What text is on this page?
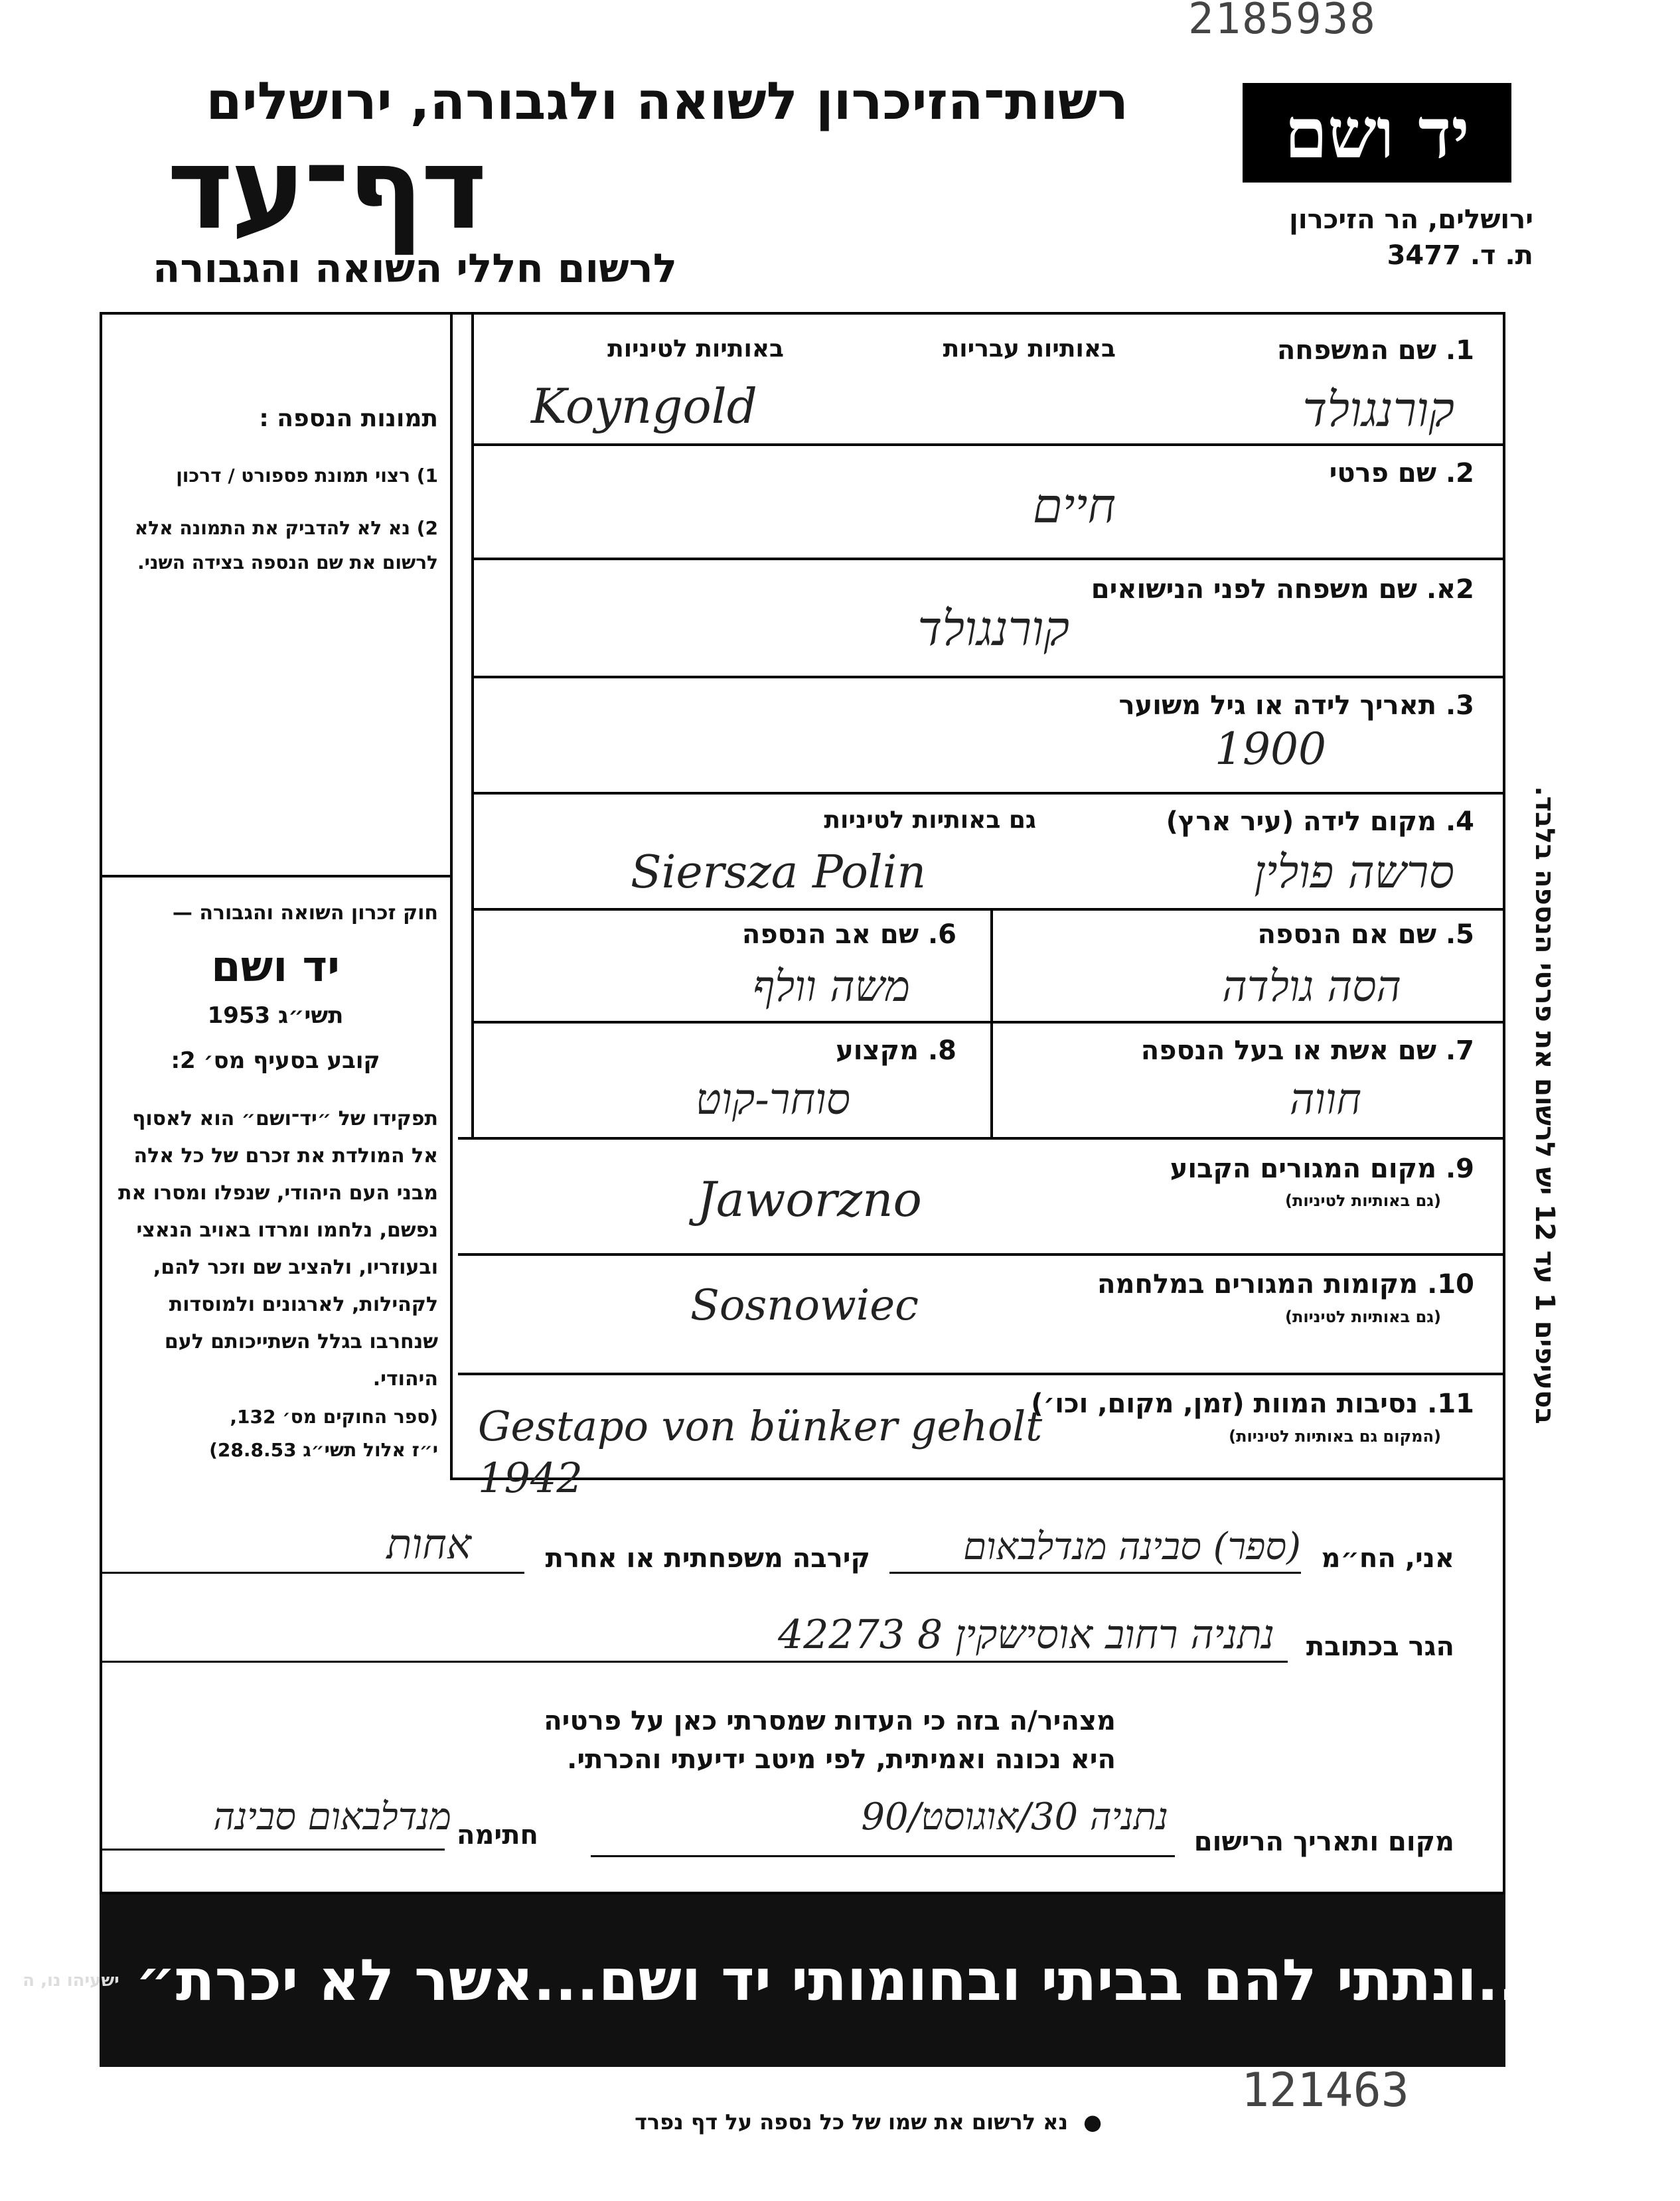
2185938
רשות־הזיכרון לשואה ולגבורה, ירושלים
דף־עד
לרשום חללי השואה והגבורה
יד ושם
ירושלים, הר הזיכרון
ת. ד. 3477
תמונות הנספה :
1) רצוי תמונת פספורט / דרכון
2) נא לא להדביק את התמונה אלא לרשום את שם הנספה בצידה השני.
חוק זכרון השואה והגבורה —
יד ושם
תשי״ג 1953
קובע בסעיף מס׳ 2:
תפקידו של ״יד־ושם״ הוא לאסוף אל המולדת את זכרם של כל אלה מבני העם היהודי, שנפלו ומסרו את נפשם, נלחמו ומרדו באויב הנאצי ובעוזריו, ולהציב שם וזכר להם, לקהילות, לארגונים ולמוסדות שנחרבו בגלל השתייכותם לעם היהודי.
(ספר החוקים מס׳ 132,
י״ז אלול תשי״ג 28.8.53)
1. שם המשפחה
באותיות עבריות
באותיות לטיניות
Koyngold	קורנגולד
2. שם פרטי
חיים
2א. שם משפחה לפני הנישואים
קורנגולד
3. תאריך לידה או גיל משוער
1900
4. מקום לידה (עיר ארץ)
גם באותיות לטיניות
Siersza Polin	סרשה פולין
5. שם אם הנספה
הסה גולדה
6. שם אב הנספה
משה וולף
7. שם אשת או בעל הנספה
חווה
8. מקצוע
סוחר-קוט
9. מקום המגורים הקבוע
(גם באותיות לטיניות)
Jaworzno
10. מקומות המגורים במלחמה
(גם באותיות לטיניות)
Sosnowiec
11. נסיבות המוות (זמן, מקום, וכו׳)
(המקום גם באותיות לטיניות)
Gestapo von bünker geholt 1942
בסעיפים 1 עד 12 יש לרשום את פרטי הנספה בלבד.
אני, הח״מ
(ספר) סבינה מנדלבאום
קירבה משפחתית או אחרת
אחות
הגר בכתובת
נתניה רחוב אוסישקין 8 42273
מצהיר/ה בזה כי העדות שמסרתי כאן על פרטיה
היא נכונה ואמיתית, לפי מיטב ידיעתי והכרתי.
מקום ותאריך הרישום
נתניה 30/אוגוסט/90
חתימה
מנדלבאום סבינה
״...ונתתי להם בביתי ובחומותי יד ושם...אשר לא יכרת״
ישעיהו נו, ה
121463
● נא לרשום את שמו של כל נספה על דף נפרד
